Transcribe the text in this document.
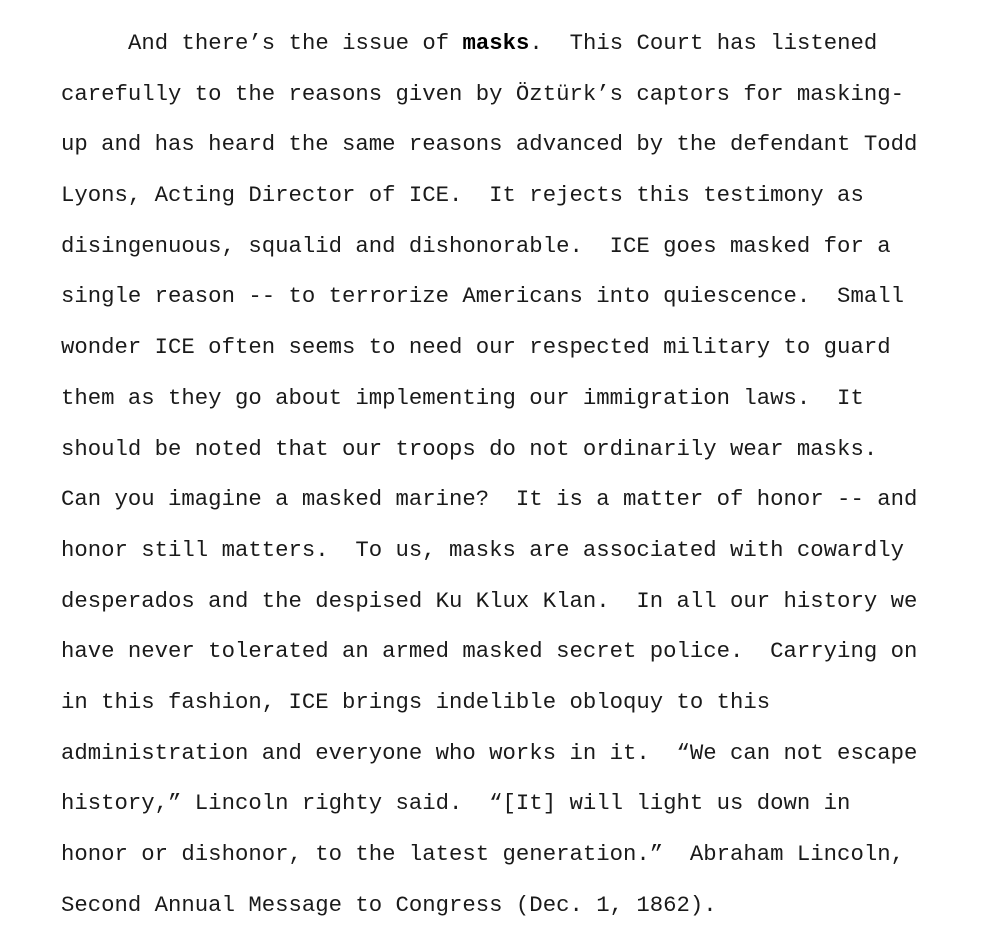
And there’s the issue of masks.  This Court has listened
carefully to the reasons given by Öztürk’s captors for masking-
up and has heard the same reasons advanced by the defendant Todd
Lyons, Acting Director of ICE.  It rejects this testimony as
disingenuous, squalid and dishonorable.  ICE goes masked for a
single reason -- to terrorize Americans into quiescence.  Small
wonder ICE often seems to need our respected military to guard
them as they go about implementing our immigration laws.  It
should be noted that our troops do not ordinarily wear masks.
Can you imagine a masked marine?  It is a matter of honor -- and
honor still matters.  To us, masks are associated with cowardly
desperados and the despised Ku Klux Klan.  In all our history we
have never tolerated an armed masked secret police.  Carrying on
in this fashion, ICE brings indelible obloquy to this
administration and everyone who works in it.  “We can not escape
history,” Lincoln righty said.  “[It] will light us down in
honor or dishonor, to the latest generation.”  Abraham Lincoln,
Second Annual Message to Congress (Dec. 1, 1862).
